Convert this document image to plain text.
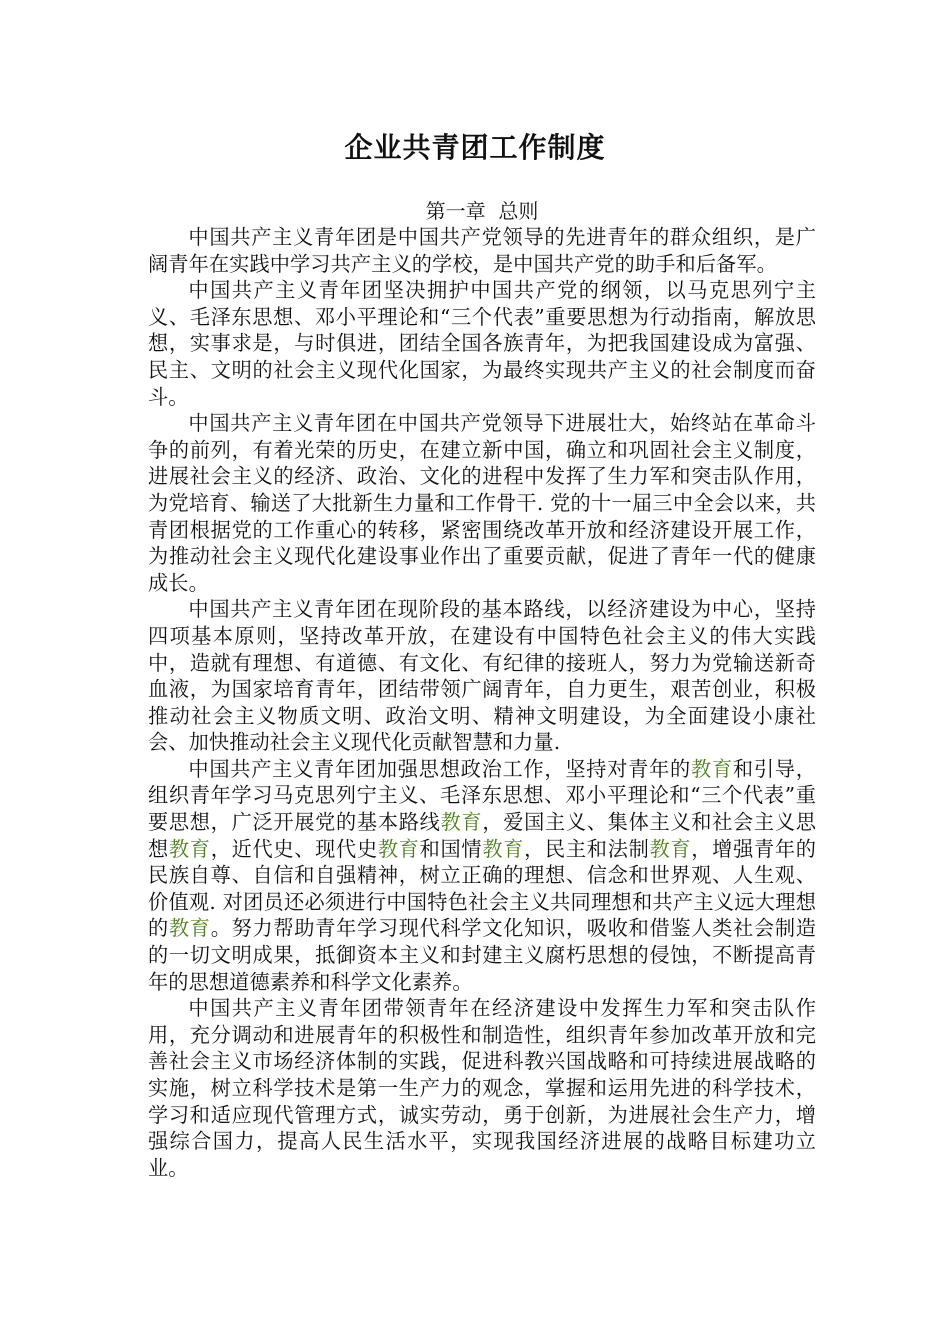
企业共青团工作制度

第一章  总则

中国共产主义青年团是中国共产党领导的先进青年的群众组织，是广阔青年在实践中学习共产主义的学校，是中国共产党的助手和后备军。

中国共产主义青年团坚决拥护中国共产党的纲领，以马克思列宁主义、毛泽东思想、邓小平理论和“三个代表”重要思想为行动指南，解放思想，实事求是，与时俱进，团结全国各族青年，为把我国建设成为富强、民主、文明的社会主义现代化国家，为最终实现共产主义的社会制度而奋斗。

中国共产主义青年团在中国共产党领导下进展壮大，始终站在革命斗争的前列，有着光荣的历史，在建立新中国，确立和巩固社会主义制度，进展社会主义的经济、政治、文化的进程中发挥了生力军和突击队作用，为党培育、输送了大批新生力量和工作骨干. 党的十一届三中全会以来，共青团根据党的工作重心的转移，紧密围绕改革开放和经济建设开展工作，为推动社会主义现代化建设事业作出了重要贡献，促进了青年一代的健康成长。

中国共产主义青年团在现阶段的基本路线，以经济建设为中心，坚持四项基本原则，坚持改革开放，在建设有中国特色社会主义的伟大实践中，造就有理想、有道德、有文化、有纪律的接班人，努力为党输送新奇血液，为国家培育青年，团结带领广阔青年，自力更生，艰苦创业，积极推动社会主义物质文明、政治文明、精神文明建设，为全面建设小康社会、加快推动社会主义现代化贡献智慧和力量.

中国共产主义青年团加强思想政治工作，坚持对青年的教育和引导，组织青年学习马克思列宁主义、毛泽东思想、邓小平理论和“三个代表”重要思想，广泛开展党的基本路线教育，爱国主义、集体主义和社会主义思想教育，近代史、现代史教育和国情教育，民主和法制教育，增强青年的民族自尊、自信和自强精神，树立正确的理想、信念和世界观、人生观、价值观. 对团员还必须进行中国特色社会主义共同理想和共产主义远大理想的教育。努力帮助青年学习现代科学文化知识，吸收和借鉴人类社会制造的一切文明成果，抵御资本主义和封建主义腐朽思想的侵蚀，不断提高青年的思想道德素养和科学文化素养。

中国共产主义青年团带领青年在经济建设中发挥生力军和突击队作用，充分调动和进展青年的积极性和制造性，组织青年参加改革开放和完善社会主义市场经济体制的实践，促进科教兴国战略和可持续进展战略的实施，树立科学技术是第一生产力的观念，掌握和运用先进的科学技术，学习和适应现代管理方式，诚实劳动，勇于创新，为进展社会生产力，增强综合国力，提高人民生活水平，实现我国经济进展的战略目标建功立业。
